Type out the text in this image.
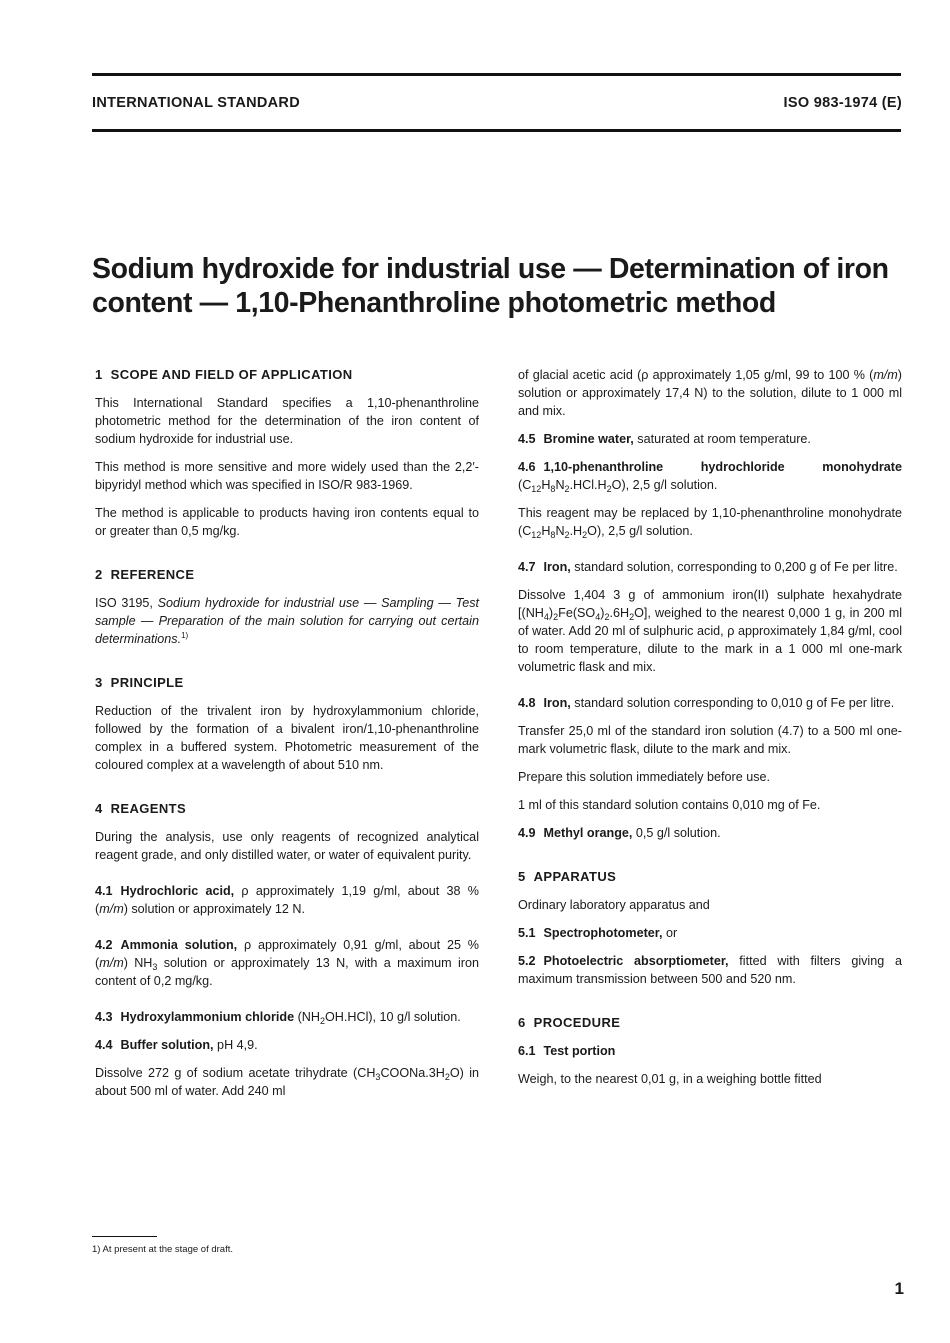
INTERNATIONAL STANDARD	ISO 983-1974 (E)
Sodium hydroxide for industrial use — Determination of iron
content — 1,10-Phenanthroline photometric method
1 SCOPE AND FIELD OF APPLICATION

This International Standard specifies a 1,10-phenanthroline photometric method for the determination of the iron content of sodium hydroxide for industrial use.

This method is more sensitive and more widely used than the 2,2′-bipyridyl method which was specified in ISO/R 983-1969.

The method is applicable to products having iron contents equal to or greater than 0,5 mg/kg.

2 REFERENCE

ISO 3195, Sodium hydroxide for industrial use — Sampling — Test sample — Preparation of the main solution for carrying out certain determinations.$^{1)}$

3 PRINCIPLE

Reduction of the trivalent iron by hydroxylammonium chloride, followed by the formation of a bivalent iron/1,10-phenanthroline complex in a buffered system. Photometric measurement of the coloured complex at a wavelength of about 510 nm.

4 REAGENTS

During the analysis, use only reagents of recognized analytical reagent grade, and only distilled water, or water of equivalent purity.

4.1 Hydrochloric acid, ρ approximately 1,19 g/ml, about 38 % (m/m) solution or approximately 12 N.

4.2 Ammonia solution, ρ approximately 0,91 g/ml, about 25 % (m/m) $NH_3$ solution or approximately 13 N, with a maximum iron content of 0,2 mg/kg.

4.3 Hydroxylammonium chloride $(NH_2OH.HCl)$, 10 g/l solution.

4.4 Buffer solution, pH 4,9.

Dissolve 272 g of sodium acetate trihydrate $(CH_3COONa.3H_2O)$ in about 500 ml of water. Add 240 ml

of glacial acetic acid (ρ approximately 1,05 g/ml, 99 to 100 % (m/m) solution or approximately 17,4 N) to the solution, dilute to 1 000 ml and mix.

4.5 Bromine water, saturated at room temperature.

4.6 1,10-phenanthroline hydrochloride monohydrate $(C_{12}H_8N_2.HCl.H_2O)$, 2,5 g/l solution.

This reagent may be replaced by 1,10-phenanthroline monohydrate $(C_{12}H_8N_2.H_2O)$, 2,5 g/l solution.

4.7 Iron, standard solution, corresponding to 0,200 g of Fe per litre.

Dissolve 1,404 3 g of ammonium iron(II) sulphate hexahydrate $[(NH_4)_2Fe(SO_4)_2.6H_2O]$, weighed to the nearest 0,000 1 g, in 200 ml of water. Add 20 ml of sulphuric acid, ρ approximately 1,84 g/ml, cool to room temperature, dilute to the mark in a 1 000 ml one-mark volumetric flask and mix.

4.8 Iron, standard solution corresponding to 0,010 g of Fe per litre.

Transfer 25,0 ml of the standard iron solution (4.7) to a 500 ml one-mark volumetric flask, dilute to the mark and mix.

Prepare this solution immediately before use.

1 ml of this standard solution contains 0,010 mg of Fe.

4.9 Methyl orange, 0,5 g/l solution.

5 APPARATUS

Ordinary laboratory apparatus and

5.1 Spectrophotometer, or

5.2 Photoelectric absorptiometer, fitted with filters giving a maximum transmission between 500 and 520 nm.

6 PROCEDURE

6.1 Test portion

Weigh, to the nearest 0,01 g, in a weighing bottle fitted

1) At present at the stage of draft.
1
